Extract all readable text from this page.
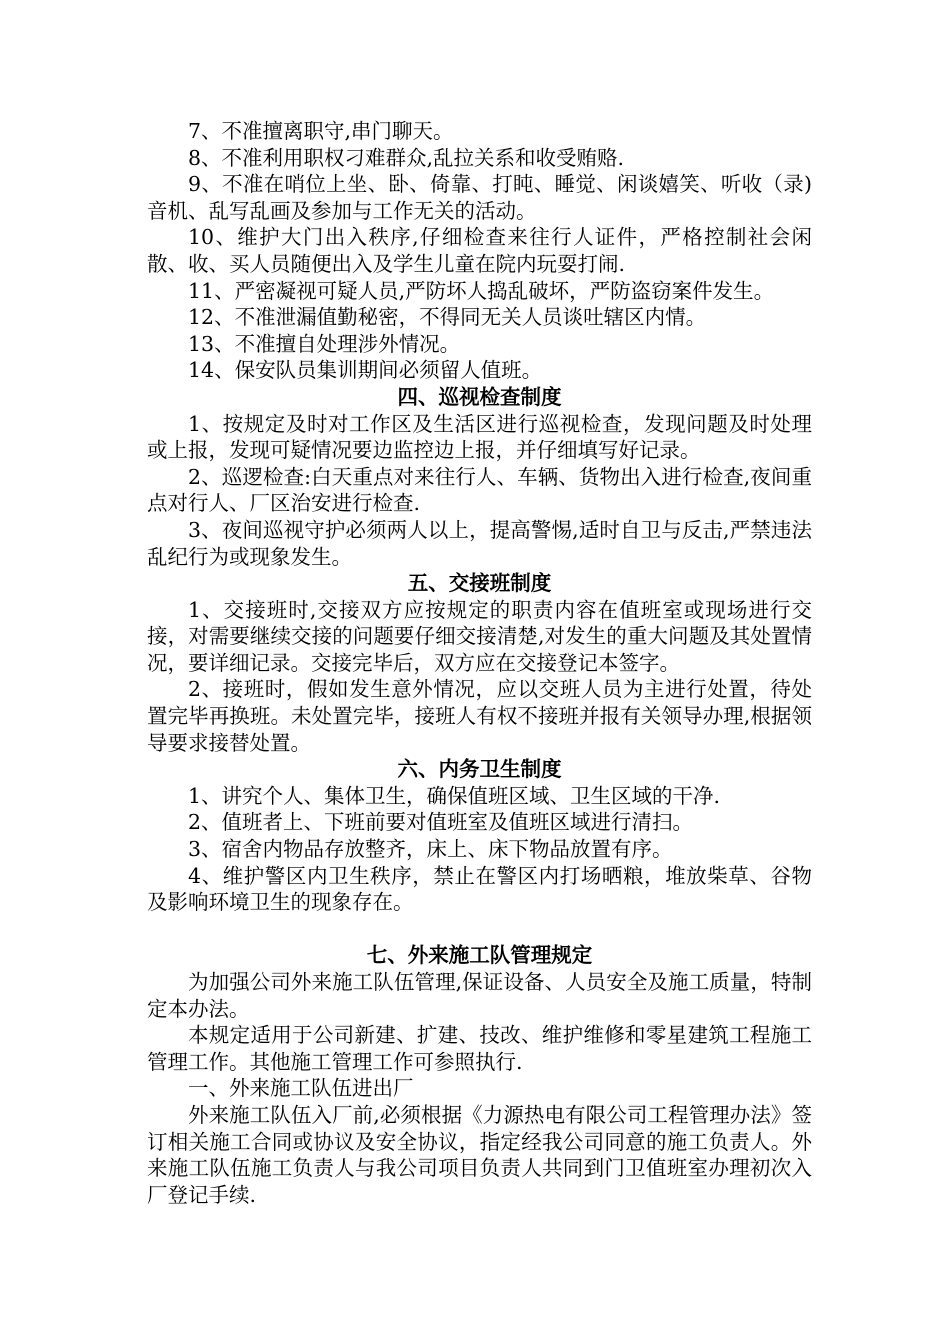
7、不准擅离职守,串门聊天。

8、不准利用职权刁难群众,乱拉关系和收受贿赂.

9、不准在哨位上坐、卧、倚靠、打盹、睡觉、闲谈嬉笑、听收（录)音机、乱写乱画及参加与工作无关的活动。

10、维护大门出入秩序,仔细检查来往行人证件，严格控制社会闲散、收、买人员随便出入及学生儿童在院内玩耍打闹.

11、严密凝视可疑人员,严防坏人捣乱破坏，严防盗窃案件发生。

12、不准泄漏值勤秘密，不得同无关人员谈吐辖区内情。

13、不准擅自处理涉外情况。

14、保安队员集训期间必须留人值班。

四、巡视检查制度

1、按规定及时对工作区及生活区进行巡视检查，发现问题及时处理或上报，发现可疑情况要边监控边上报，并仔细填写好记录。

2、巡逻检查:白天重点对来往行人、车辆、货物出入进行检查,夜间重点对行人、厂区治安进行检查.

3、夜间巡视守护必须两人以上，提高警惕,适时自卫与反击,严禁违法乱纪行为或现象发生。

五、交接班制度

1、交接班时,交接双方应按规定的职责内容在值班室或现场进行交接，对需要继续交接的问题要仔细交接清楚,对发生的重大问题及其处置情况，要详细记录。交接完毕后，双方应在交接登记本签字。

2、接班时，假如发生意外情况，应以交班人员为主进行处置，待处置完毕再换班。未处置完毕，接班人有权不接班并报有关领导办理,根据领导要求接替处置。

六、内务卫生制度

1、讲究个人、集体卫生，确保值班区域、卫生区域的干净.

2、值班者上、下班前要对值班室及值班区域进行清扫。

3、宿舍内物品存放整齐，床上、床下物品放置有序。

4、维护警区内卫生秩序，禁止在警区内打场晒粮，堆放柴草、谷物及影响环境卫生的现象存在。

七、外来施工队管理规定

为加强公司外来施工队伍管理,保证设备、人员安全及施工质量，特制定本办法。

本规定适用于公司新建、扩建、技改、维护维修和零星建筑工程施工管理工作。其他施工管理工作可参照执行.

一、外来施工队伍进出厂

外来施工队伍入厂前,必须根据《力源热电有限公司工程管理办法》签订相关施工合同或协议及安全协议，指定经我公司同意的施工负责人。外来施工队伍施工负责人与我公司项目负责人共同到门卫值班室办理初次入厂登记手续.
